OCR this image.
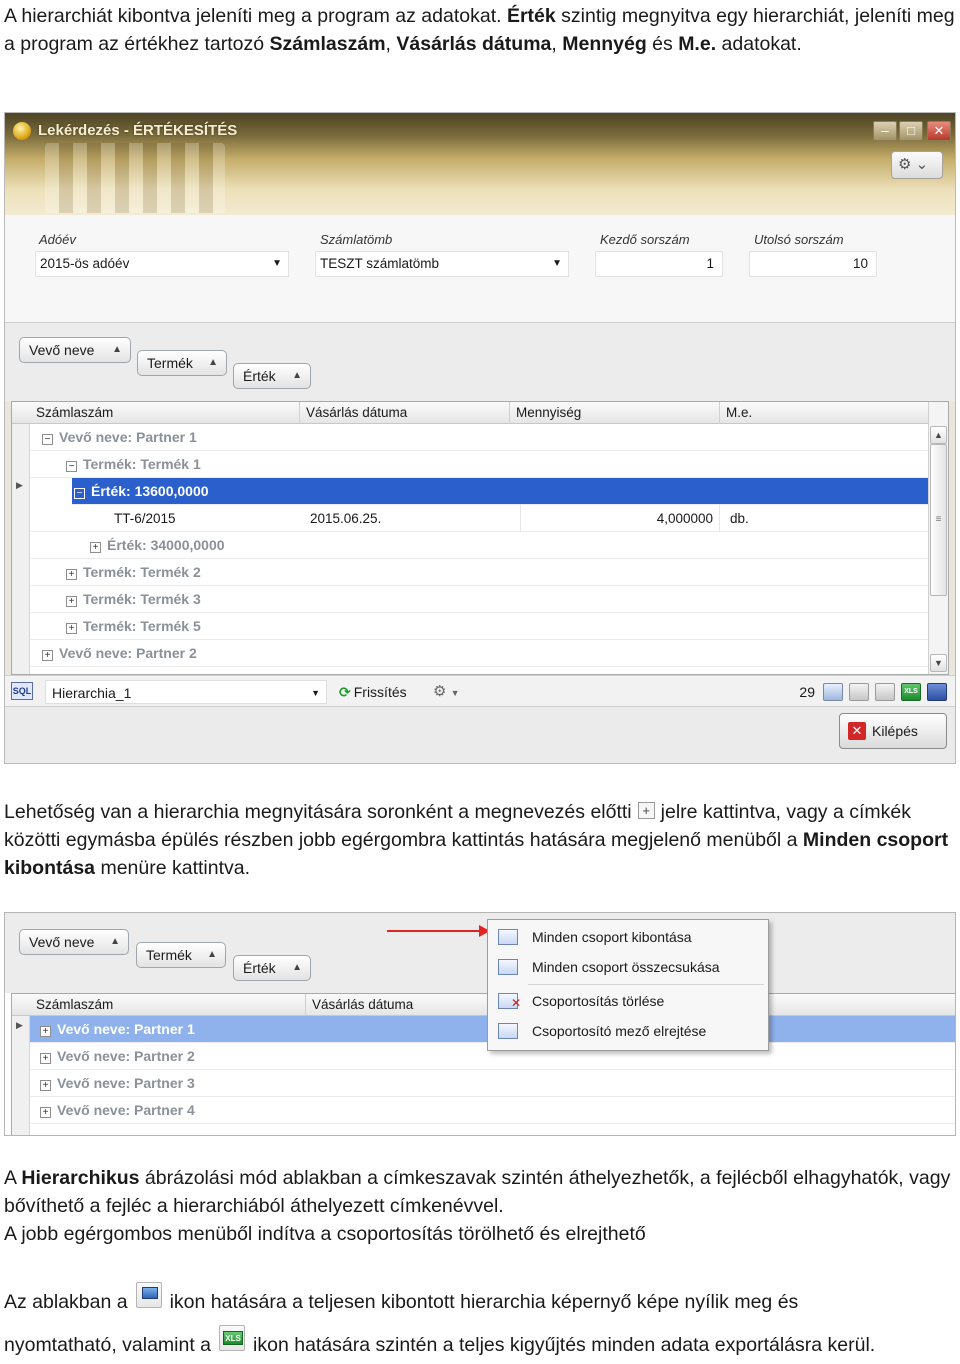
A hierarchiát kibontva jeleníti meg a program az adatokat. Érték szintig megnyitva egy hierarchiát, jeleníti meg a program az értékhez tartozó Számlaszám, Vásárlás dátuma, Mennyég és M.e. adatokat.
Lekérdezés - ÉRTÉKESÍTÉS	–	□	✕
⚙ ⌄
Adóév
2015-ös adóév	▼
Számlatömb
TESZT számlatömb	▼
Kezdő sorszám
1
Utolsó sorszám
10
Vevő neve ▲
Termék ▲
Érték ▲
Számlaszám	Vásárlás dátuma	Mennyiség	M.e.
▶
− Vevő neve: Partner 1
− Termék: Termék 1
− Érték: 13600,0000
TT-6/2015	2015.06.25.	4,000000	db.
+ Érték: 34000,0000
+ Termék: Termék 2
+ Termék: Termék 3
+ Termék: Termék 5
+ Vevő neve: Partner 2
▲
≡
▼
SQL	Hierarchia_1	▼ ⟳ Frissítés ⚙ ▼	29	XLS
✕ Kilépés
Lehetőség van a hierarchia megnyitására soronként a megnevezés előtti + jelre kattintva, vagy a címkék közötti egymásba épülés részben jobb egérgombra kattintás hatására megjelenő menüből a Minden csoport kibontása menüre kattintva.
Vevő neve ▲
Termék ▲
Érték ▲
Számlaszám	Vásárlás dátuma
▶
+ Vevő neve: Partner 1
+ Vevő neve: Partner 2
+ Vevő neve: Partner 3
+ Vevő neve: Partner 4
Minden csoport kibontása
Minden csoport összecsukása
✕
Csoportosítás törlése
Csoportosító mező elrejtése
A Hierarchikus ábrázolási mód ablakban a címkeszavak szintén áthelyezhetők, a fejlécből elhagyhatók, vagy bővíthető a fejléc a hierarchiából áthelyezett címkenévvel.
A jobb egérgombos menüből indítva a csoportosítás törölhető és elrejthető
Az ablakban a ikon hatására a teljesen kibontott hierarchia képernyő képe nyílik meg és
nyomtatható, valamint a XLS ikon hatására szintén a teljes kigyűjtés minden adata exportálásra kerül.
